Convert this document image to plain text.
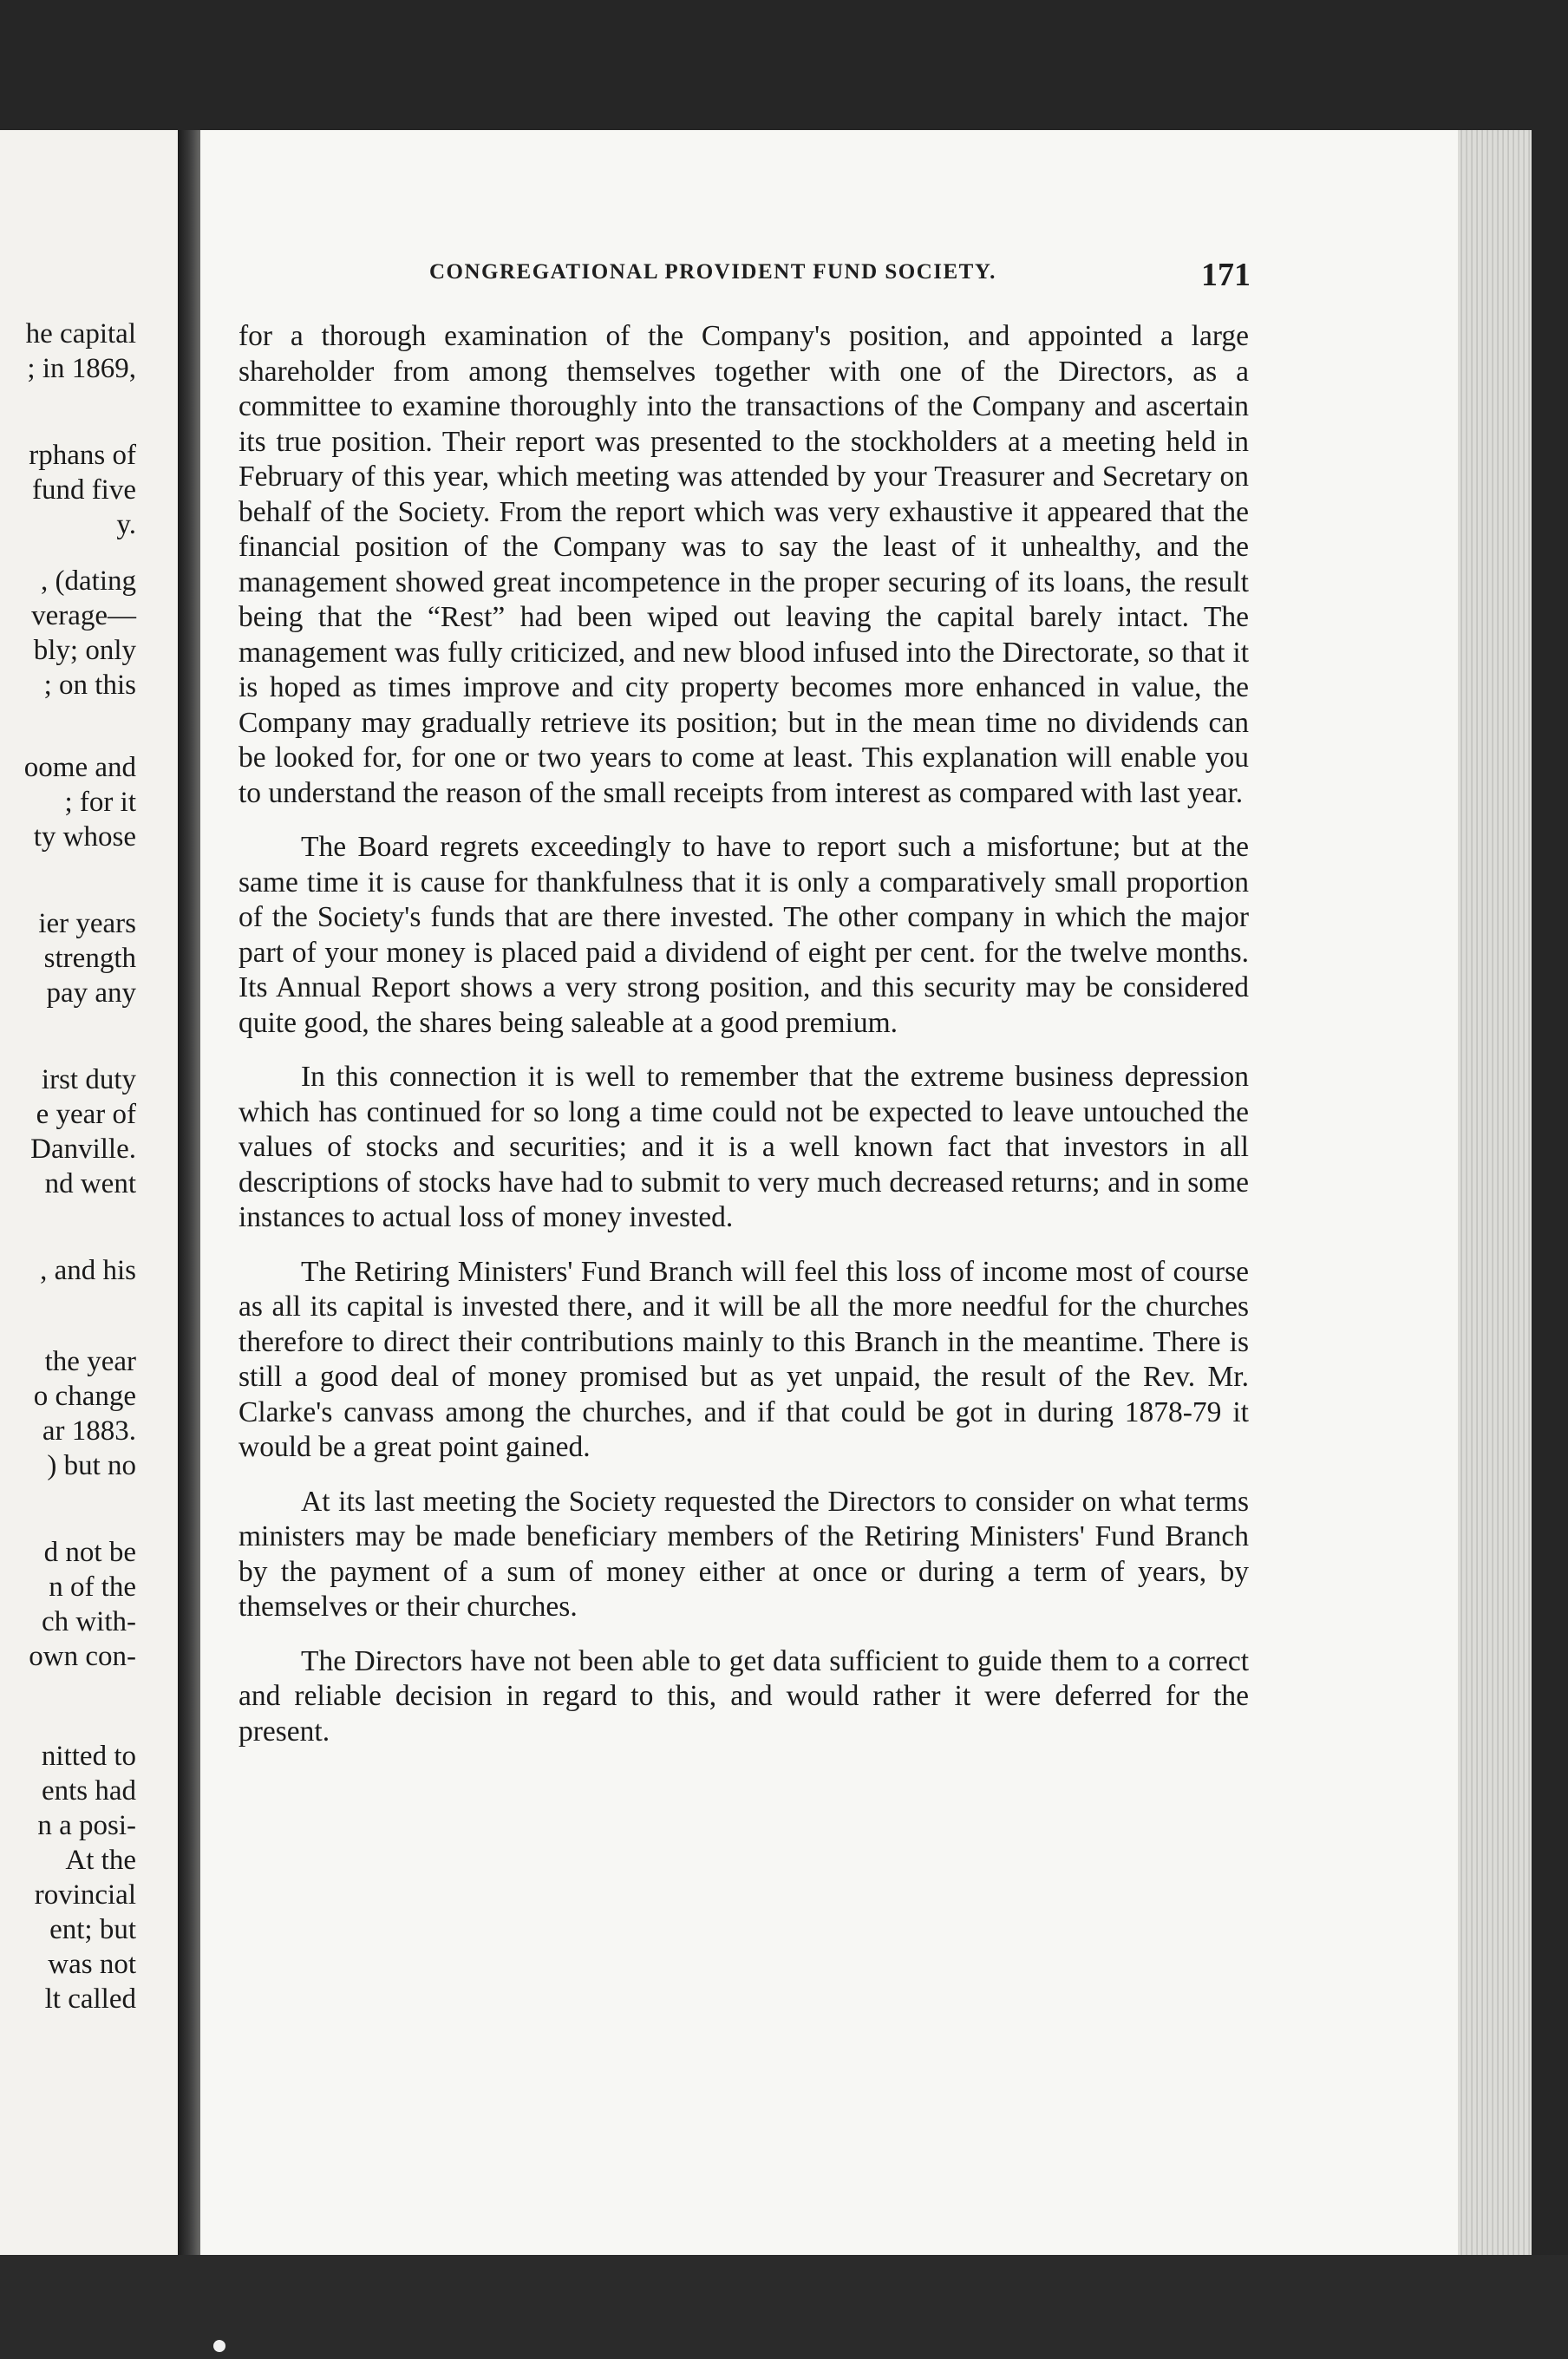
he capital
; in 1869,
rphans of
fund five
y.
, (dating
verage—
bly; only
; on this
oome and
; for it
ty whose
ier years
strength
pay any
irst duty
e year of
Danville.
nd went
, and his
the year
o change
ar 1883.
) but no
d not be
n of the
ch with-
own con-
nitted to
ents had
n a posi-
At the
rovincial
ent; but
was not
lt called
CONGREGATIONAL PROVIDENT FUND SOCIETY.	171

for a thorough examination of the Company's position, and appointed a large shareholder from among themselves together with one of the Directors, as a committee to examine thoroughly into the transactions of the Company and ascertain its true position. Their report was presented to the stockholders at a meeting held in February of this year, which meeting was attended by your Treasurer and Secretary on behalf of the Society. From the report which was very exhaustive it appeared that the financial position of the Company was to say the least of it unhealthy, and the management showed great incompetence in the proper securing of its loans, the result being that the “Rest” had been wiped out leaving the capital barely intact. The management was fully criticized, and new blood infused into the Directorate, so that it is hoped as times improve and city property becomes more enhanced in value, the Company may gradually retrieve its position; but in the mean time no dividends can be looked for, for one or two years to come at least. This explanation will enable you to understand the reason of the small receipts from interest as compared with last year.

The Board regrets exceedingly to have to report such a misfortune; but at the same time it is cause for thankfulness that it is only a comparatively small proportion of the Society's funds that are there invested. The other company in which the major part of your money is placed paid a dividend of eight per cent. for the twelve months. Its Annual Report shows a very strong position, and this security may be considered quite good, the shares being saleable at a good premium.

In this connection it is well to remember that the extreme business depression which has continued for so long a time could not be expected to leave untouched the values of stocks and securities; and it is a well known fact that investors in all descriptions of stocks have had to submit to very much decreased returns; and in some instances to actual loss of money invested.

The Retiring Ministers' Fund Branch will feel this loss of income most of course as all its capital is invested there, and it will be all the more needful for the churches therefore to direct their contributions mainly to this Branch in the meantime. There is still a good deal of money promised but as yet unpaid, the result of the Rev. Mr. Clarke's canvass among the churches, and if that could be got in during 1878-79 it would be a great point gained.

At its last meeting the Society requested the Directors to consider on what terms ministers may be made beneficiary members of the Retiring Ministers' Fund Branch by the payment of a sum of money either at once or during a term of years, by themselves or their churches.

The Directors have not been able to get data sufficient to guide them to a correct and reliable decision in regard to this, and would rather it were deferred for the present.
